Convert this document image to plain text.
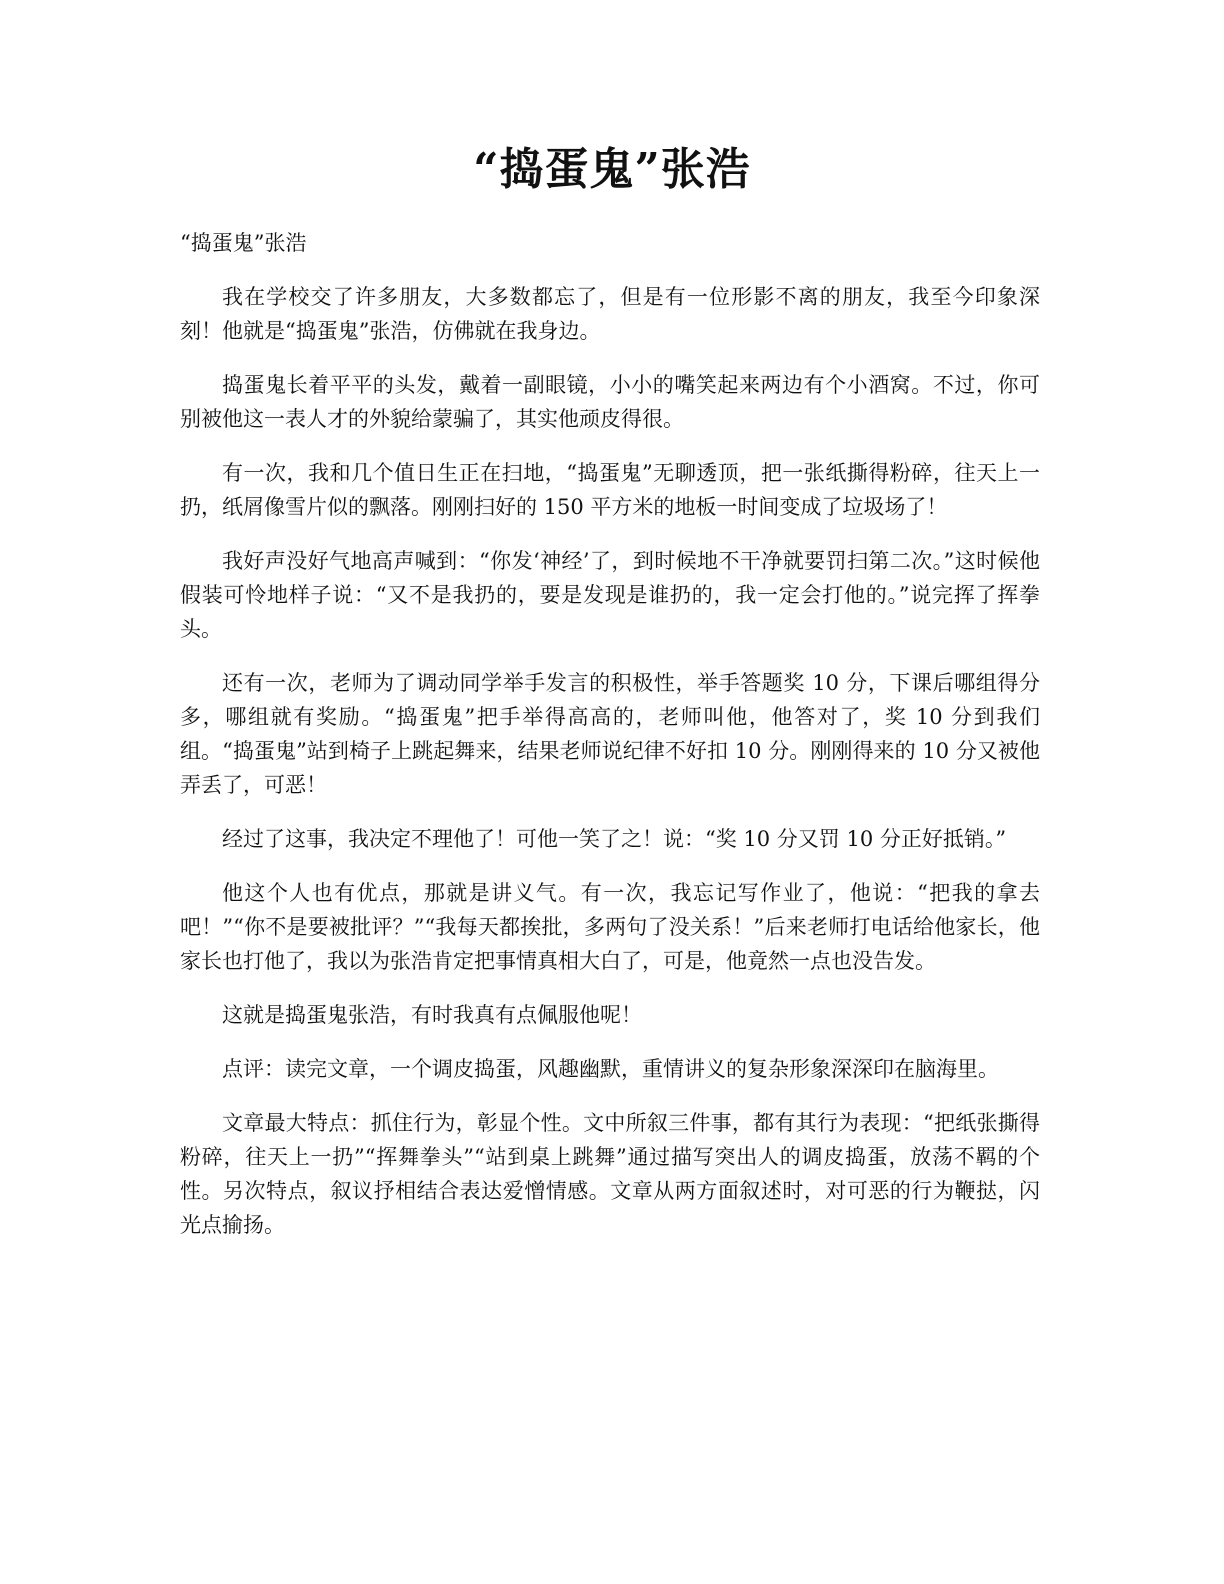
“捣蛋鬼”张浩

“捣蛋鬼”张浩

我在学校交了许多朋友，大多数都忘了，但是有一位形影不离的朋友，我至今印象深刻！他就是“捣蛋鬼”张浩，仿佛就在我身边。

捣蛋鬼长着平平的头发，戴着一副眼镜，小小的嘴笑起来两边有个小酒窝。不过，你可别被他这一表人才的外貌给蒙骗了，其实他顽皮得很。

有一次，我和几个值日生正在扫地，“捣蛋鬼”无聊透顶，把一张纸撕得粉碎，往天上一扔，纸屑像雪片似的飘落。刚刚扫好的 150 平方米的地板一时间变成了垃圾场了！

我好声没好气地高声喊到：“你发‘神经’了，到时候地不干净就要罚扫第二次。”这时候他假装可怜地样子说：“又不是我扔的，要是发现是谁扔的，我一定会打他的。”说完挥了挥拳头。

还有一次，老师为了调动同学举手发言的积极性，举手答题奖 10 分，下课后哪组得分多，哪组就有奖励。“捣蛋鬼”把手举得高高的，老师叫他，他答对了，奖 10 分到我们组。“捣蛋鬼”站到椅子上跳起舞来，结果老师说纪律不好扣 10 分。刚刚得来的 10 分又被他弄丢了，可恶！

经过了这事，我决定不理他了！可他一笑了之！说：“奖 10 分又罚 10 分正好抵销。”

他这个人也有优点，那就是讲义气。有一次，我忘记写作业了，他说：“把我的拿去吧！”“你不是要被批评？”“我每天都挨批，多两句了没关系！”后来老师打电话给他家长，他家长也打他了，我以为张浩肯定把事情真相大白了，可是，他竟然一点也没告发。

这就是捣蛋鬼张浩，有时我真有点佩服他呢！

点评：读完文章，一个调皮捣蛋，风趣幽默，重情讲义的复杂形象深深印在脑海里。

文章最大特点：抓住行为，彰显个性。文中所叙三件事，都有其行为表现：“把纸张撕得粉碎，往天上一扔”“挥舞拳头”“站到桌上跳舞”通过描写突出人的调皮捣蛋，放荡不羁的个性。另次特点，叙议抒相结合表达爱憎情感。文章从两方面叙述时，对可恶的行为鞭挞，闪光点揄扬。
